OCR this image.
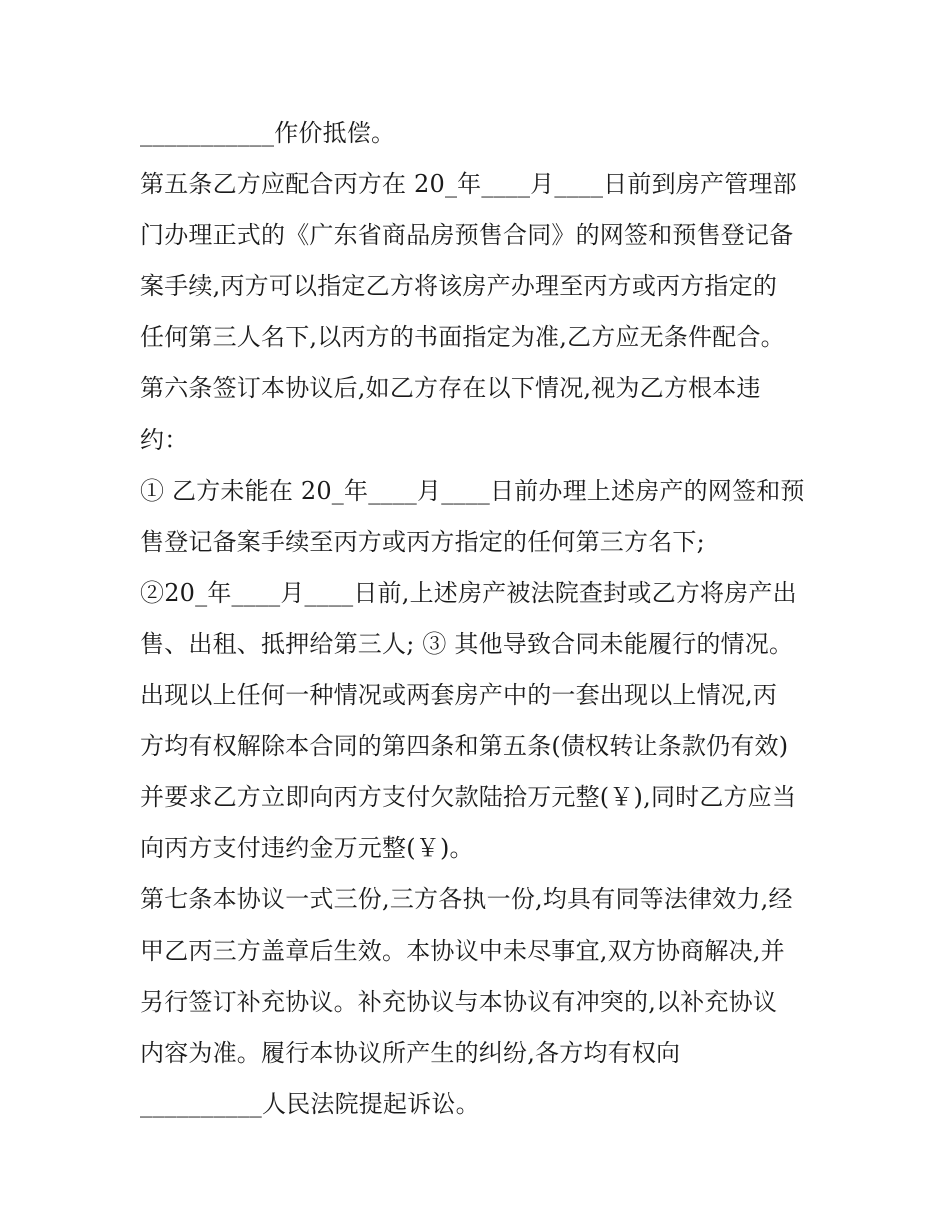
___________作价抵偿。
第五条乙方应配合丙方在 20_年____月____日前到房产管理部
门办理正式的《广东省商品房预售合同》的网签和预售登记备
案手续,丙方可以指定乙方将该房产办理至丙方或丙方指定的
任何第三人名下,以丙方的书面指定为准,乙方应无条件配合。
第六条签订本协议后,如乙方存在以下情况,视为乙方根本违
约：
① 乙方未能在 20_年____月____日前办理上述房产的网签和预
售登记备案手续至丙方或丙方指定的任何第三方名下;
②20_年____月____日前,上述房产被法院查封或乙方将房产出
售、出租、抵押给第三人; ③ 其他导致合同未能履行的情况。
出现以上任何一种情况或两套房产中的一套出现以上情况,丙
方均有权解除本合同的第四条和第五条(债权转让条款仍有效)
并要求乙方立即向丙方支付欠款陆拾万元整(￥),同时乙方应当
向丙方支付违约金万元整(￥)。
第七条本协议一式三份,三方各执一份,均具有同等法律效力,经
甲乙丙三方盖章后生效。本协议中未尽事宜,双方协商解决,并
另行签订补充协议。补充协议与本协议有冲突的,以补充协议
内容为准。履行本协议所产生的纠纷,各方均有权向
__________人民法院提起诉讼。
